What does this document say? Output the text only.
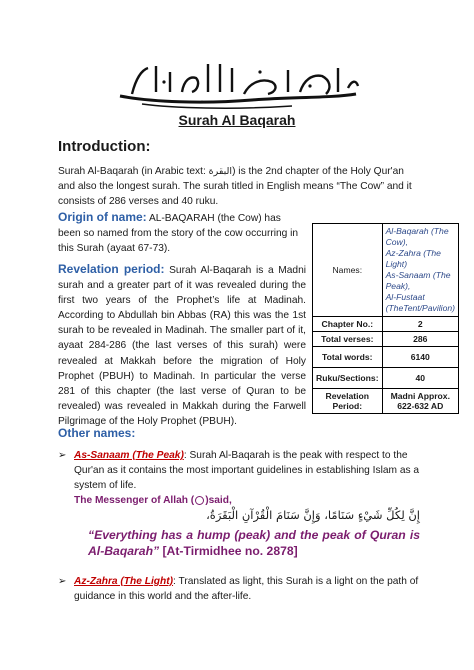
Surah Al Baqarah
Introduction:
Surah Al-Baqarah (in Arabic text: البقرة) is the 2nd chapter of the Holy Qur'an and also the longest surah. The surah titled in English means “The Cow” and it consists of 286 verses and 40 ruku.
Origin of name: AL-BAQARAH (the Cow) has been so named from the story of the cow occurring in this Surah (ayaat 67-73).
Revelation period: Surah Al-Baqarah is a Madni surah and a greater part of it was revealed during the first two years of the Prophet’s life at Madinah. According to Abdullah bin Abbas (RA) this was the 1st surah to be revealed in Madinah. The smaller part of it, ayaat 284-286 (the last verses of this surah) were revealed at Makkah before the migration of Holy Prophet (PBUH) to Madinah. In particular the verse 281 of this chapter (the last verse of Quran to be revealed) was revealed in Makkah during the Farwell Pilgrimage of the Holy Prophet (PBUH).
Names:	Al-Baqarah (The Cow),
Az-Zahra (The Light)
As-Sanaam (The Peak),
Al-Fustaat (TheTent/Pavilion)

Chapter No.:	2
Total verses:	286
Total words:	6140
Ruku/Sections:	40
Revelation Period:	Madni Approx. 622-632 AD
Other names:
➢ As-Sanaam (The Peak): Surah Al-Baqarah is the peak with respect to the Qur'an as it contains the most important guidelines in establishing Islam as a system of life.
The Messenger of Allah ( )said,
إِنَّ لِكُلِّ شَيْءٍ سَنَامًا، وَإِنَّ سَنَامَ الْقُرْآنِ الْبَقَرَةُ،
“Everything has a hump (peak) and the peak of Quran is Al-Baqarah” [At-Tirmidhee no. 2878]
➢ Az-Zahra (The Light): Translated as light, this Surah is a light on the path of guidance in this world and the after-life.
